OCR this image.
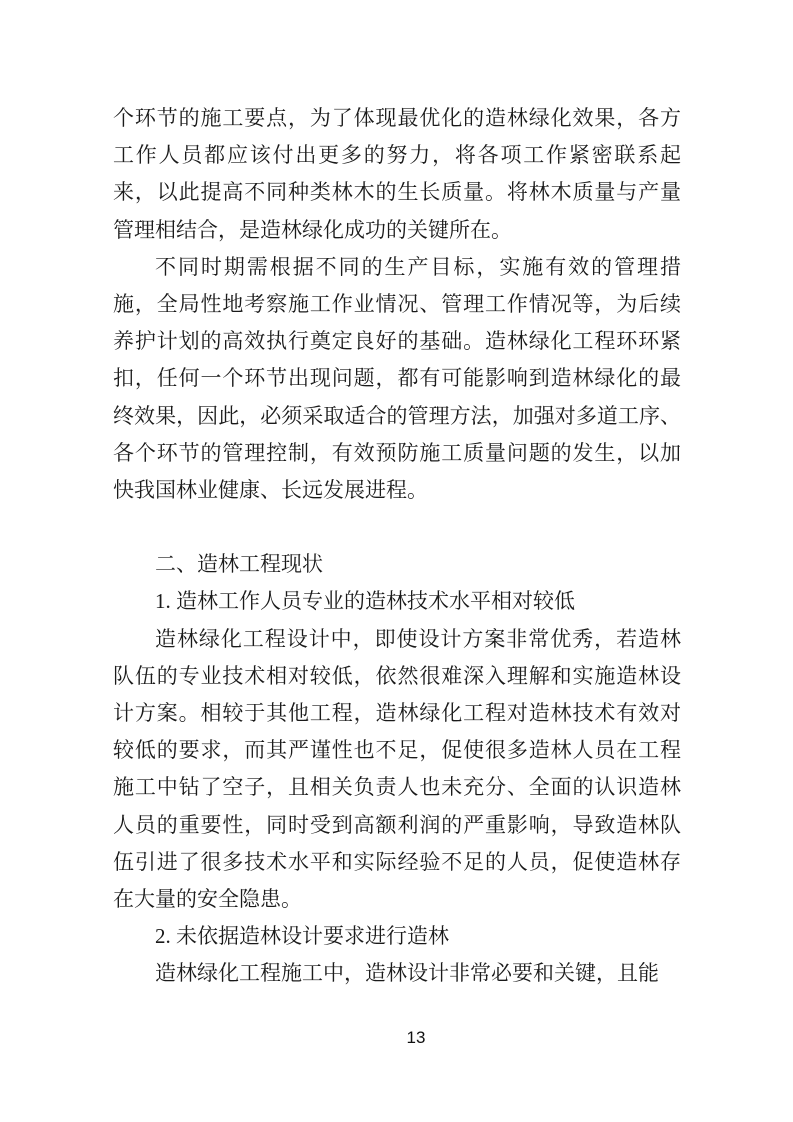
个环节的施工要点，为了体现最优化的造林绿化效果，各方
工作人员都应该付出更多的努力，将各项工作紧密联系起
来，以此提高不同种类林木的生长质量。将林木质量与产量
管理相结合，是造林绿化成功的关键所在。

不同时期需根据不同的生产目标，实施有效的管理措
施，全局性地考察施工作业情况、管理工作情况等，为后续
养护计划的高效执行奠定良好的基础。造林绿化工程环环紧
扣，任何一个环节出现问题，都有可能影响到造林绿化的最
终效果，因此，必须采取适合的管理方法，加强对多道工序、
各个环节的管理控制，有效预防施工质量问题的发生，以加
快我国林业健康、长远发展进程。

二、造林工程现状

1. 造林工作人员专业的造林技术水平相对较低

造林绿化工程设计中，即使设计方案非常优秀，若造林
队伍的专业技术相对较低，依然很难深入理解和实施造林设
计方案。相较于其他工程，造林绿化工程对造林技术有效对
较低的要求，而其严谨性也不足，促使很多造林人员在工程
施工中钻了空子，且相关负责人也未充分、全面的认识造林
人员的重要性，同时受到高额利润的严重影响，导致造林队
伍引进了很多技术水平和实际经验不足的人员，促使造林存
在大量的安全隐患。

2. 未依据造林设计要求进行造林

造林绿化工程施工中，造林设计非常必要和关键，且能

13
